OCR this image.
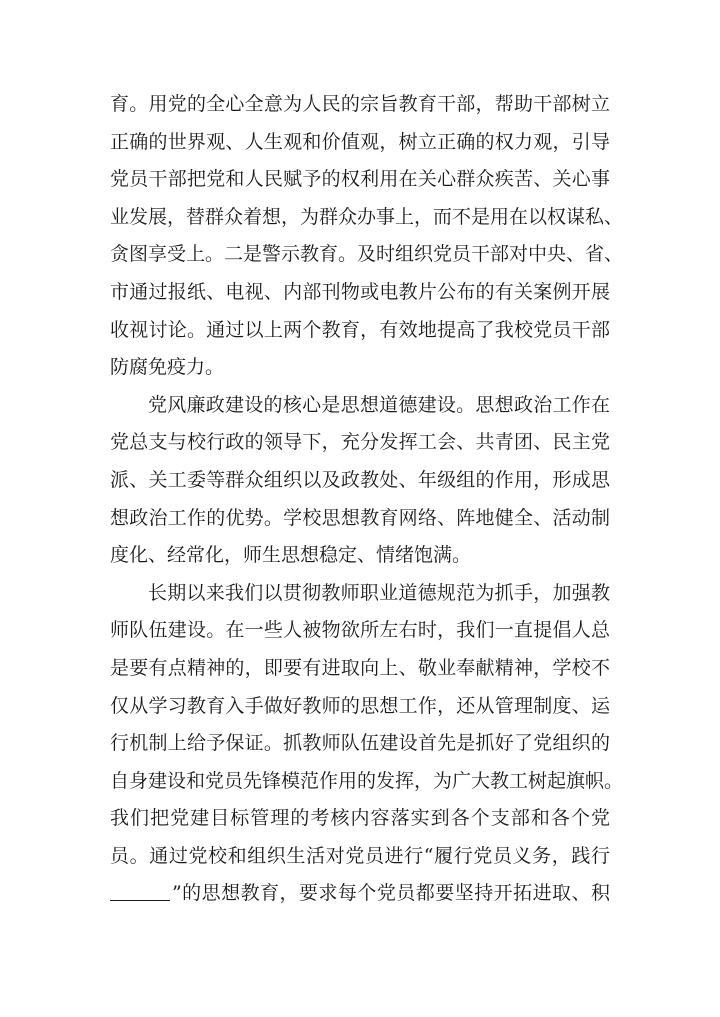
育。用党的全心全意为人民的宗旨教育干部，帮助干部树立
正确的世界观、人生观和价值观，树立正确的权力观，引导
党员干部把党和人民赋予的权利用在关心群众疾苦、关心事
业发展，替群众着想，为群众办事上，而不是用在以权谋私、
贪图享受上。二是警示教育。及时组织党员干部对中央、省、
市通过报纸、电视、内部刊物或电教片公布的有关案例开展
收视讨论。通过以上两个教育，有效地提高了我校党员干部
防腐免疫力。
党风廉政建设的核心是思想道德建设。思想政治工作在
党总支与校行政的领导下，充分发挥工会、共青团、民主党
派、关工委等群众组织以及政教处、年级组的作用，形成思
想政治工作的优势。学校思想教育网络、阵地健全、活动制
度化、经常化，师生思想稳定、情绪饱满。
长期以来我们以贯彻教师职业道德规范为抓手，加强教
师队伍建设。在一些人被物欲所左右时，我们一直提倡人总
是要有点精神的，即要有进取向上、敬业奉献精神，学校不
仅从学习教育入手做好教师的思想工作，还从管理制度、运
行机制上给予保证。抓教师队伍建设首先是抓好了党组织的
自身建设和党员先锋模范作用的发挥，为广大教工树起旗帜。
我们把党建目标管理的考核内容落实到各个支部和各个党
员。通过党校和组织生活对党员进行“履行党员义务，践行
”的思想教育，要求每个党员都要坚持开拓进取、积
